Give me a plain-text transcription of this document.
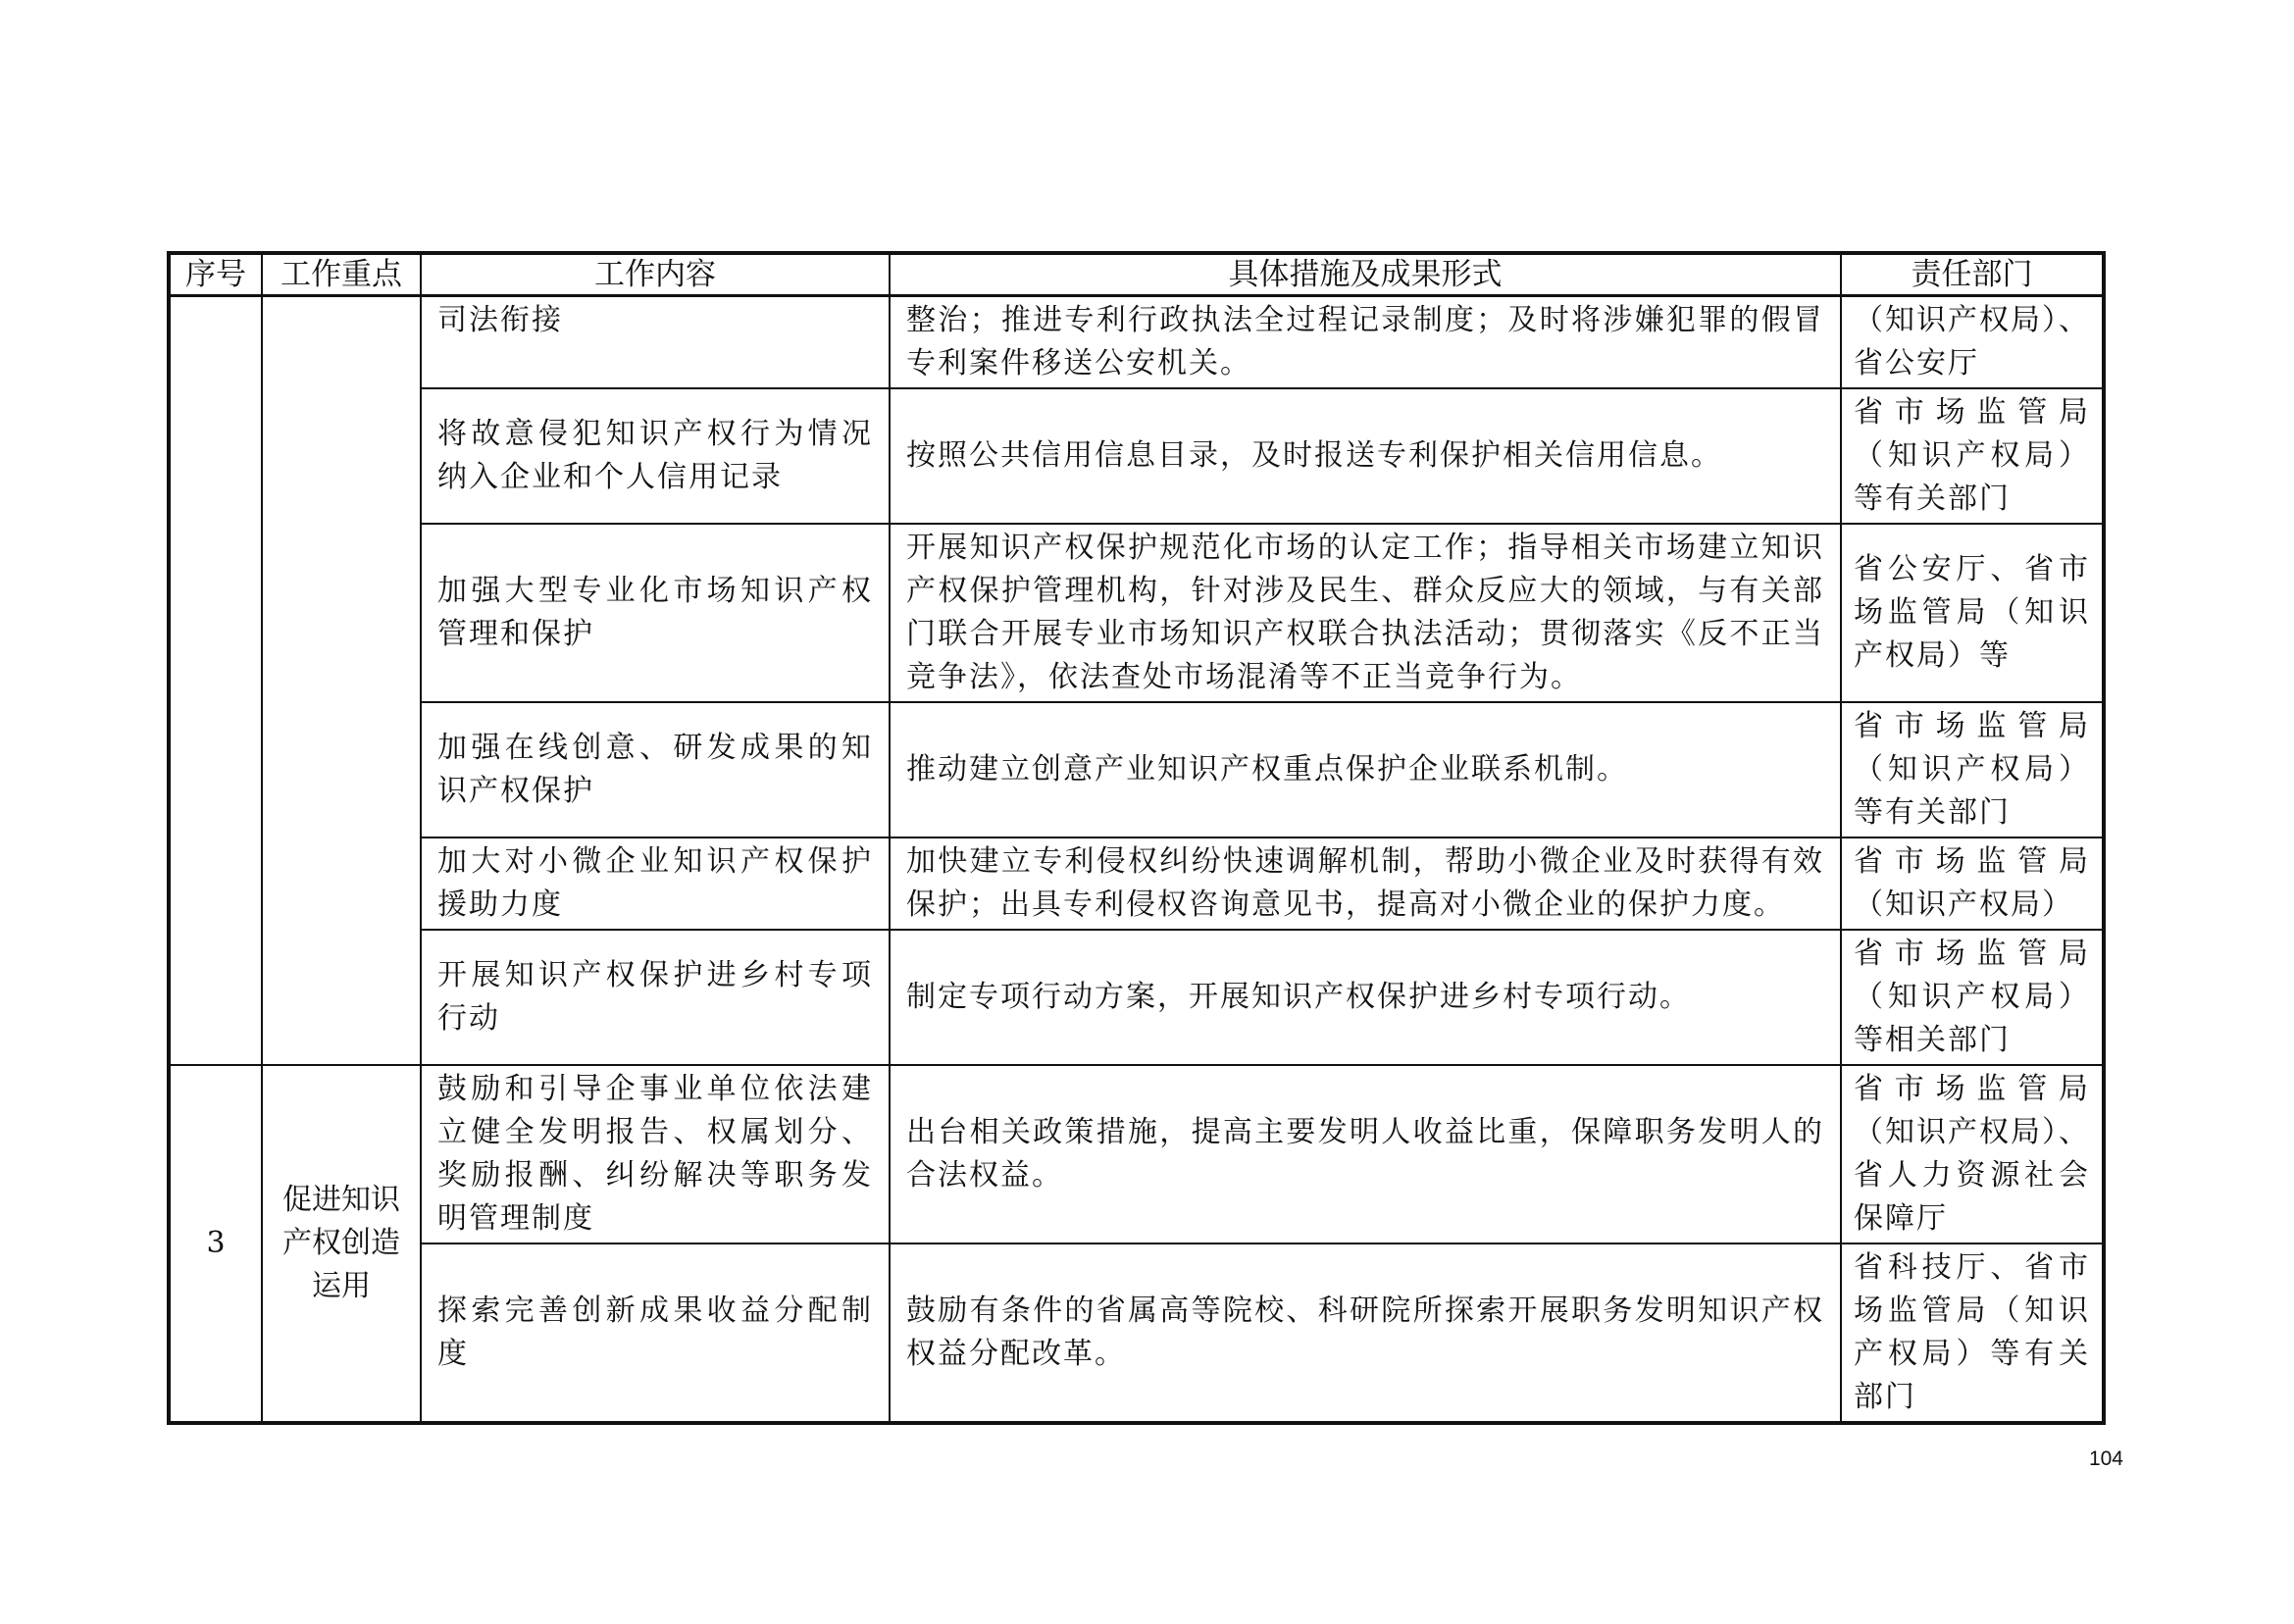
序号	工作重点	工作内容	具体措施及成果形式	责任部门
		司法衔接	整治；推进专利行政执法全过程记录制度；及时将涉嫌犯罪的假冒专利案件移送公安机关。	（知识产权局）、省公安厅
		将故意侵犯知识产权行为情况纳入企业和个人信用记录	按照公共信用信息目录，及时报送专利保护相关信用信息。	省市场监管局（知识产权局）等有关部门
		加强大型专业化市场知识产权管理和保护	开展知识产权保护规范化市场的认定工作；指导相关市场建立知识产权保护管理机构，针对涉及民生、群众反应大的领域，与有关部门联合开展专业市场知识产权联合执法活动；贯彻落实《反不正当竞争法》，依法查处市场混淆等不正当竞争行为。	省公安厅、省市场监管局（知识产权局）等
		加强在线创意、研发成果的知识产权保护	推动建立创意产业知识产权重点保护企业联系机制。	省市场监管局（知识产权局）等有关部门
		加大对小微企业知识产权保护援助力度	加快建立专利侵权纠纷快速调解机制，帮助小微企业及时获得有效保护；出具专利侵权咨询意见书，提高对小微企业的保护力度。	省市场监管局（知识产权局）
		开展知识产权保护进乡村专项行动	制定专项行动方案，开展知识产权保护进乡村专项行动。	省市场监管局（知识产权局）等相关部门
3	促进知识产权创造运用	鼓励和引导企事业单位依法建立健全发明报告、权属划分、奖励报酬、纠纷解决等职务发明管理制度	出台相关政策措施，提高主要发明人收益比重，保障职务发明人的合法权益。	省市场监管局（知识产权局）、省人力资源社会保障厅
		探索完善创新成果收益分配制度	鼓励有条件的省属高等院校、科研院所探索开展职务发明知识产权权益分配改革。	省科技厅、省市场监管局（知识产权局）等有关部门
104
